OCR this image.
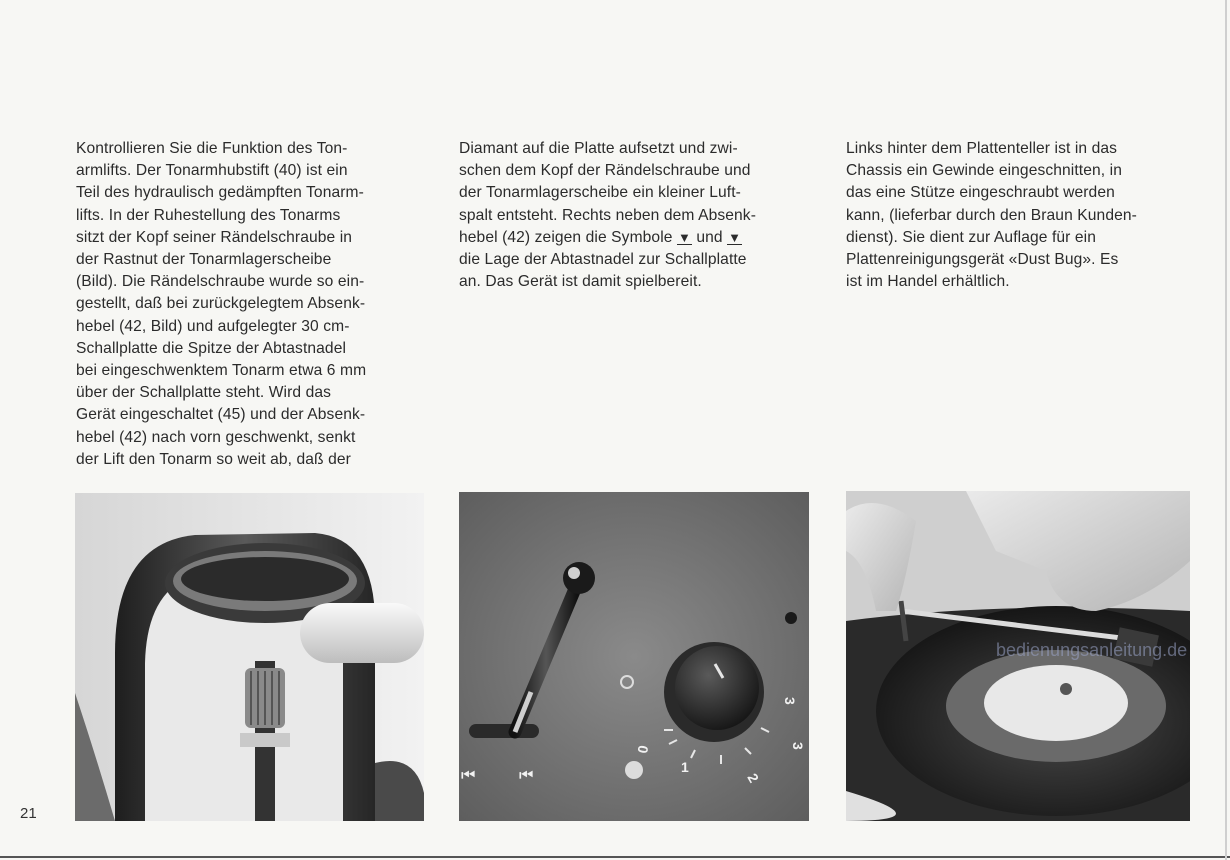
Kontrollieren Sie die Funktion des Ton-
armlifts. Der Tonarmhubstift (40) ist ein
Teil des hydraulisch gedämpften Tonarm-
lifts. In der Ruhestellung des Tonarms
sitzt der Kopf seiner Rändelschraube in
der Rastnut der Tonarmlagerscheibe
(Bild). Die Rändelschraube wurde so ein-
gestellt, daß bei zurückgelegtem Absenk-
hebel (42, Bild) und aufgelegter 30 cm-
Schallplatte die Spitze der Abtastnadel
bei eingeschwenktem Tonarm etwa 6 mm
über der Schallplatte steht. Wird das
Gerät eingeschaltet (45) und der Absenk-
hebel (42) nach vorn geschwenkt, senkt
der Lift den Tonarm so weit ab, daß der
Diamant auf die Platte aufsetzt und zwi-
schen dem Kopf der Rändelschraube und
der Tonarmlagerscheibe ein kleiner Luft-
spalt entsteht. Rechts neben dem Absenk-
hebel (42) zeigen die Symbole ▼ und ▼
die Lage der Abtastnadel zur Schallplatte
an. Das Gerät ist damit spielbereit.
Links hinter dem Plattenteller ist in das
Chassis ein Gewinde eingeschnitten, in
das eine Stütze eingeschraubt werden
kann, (lieferbar durch den Braun Kunden-
dienst). Sie dient zur Auflage für ein
Plattenreinigungsgerät «Dust Bug». Es
ist im Handel erhältlich.
0
1
2
3
3
⏮	⏮
bedienungsanleitung.de
21
